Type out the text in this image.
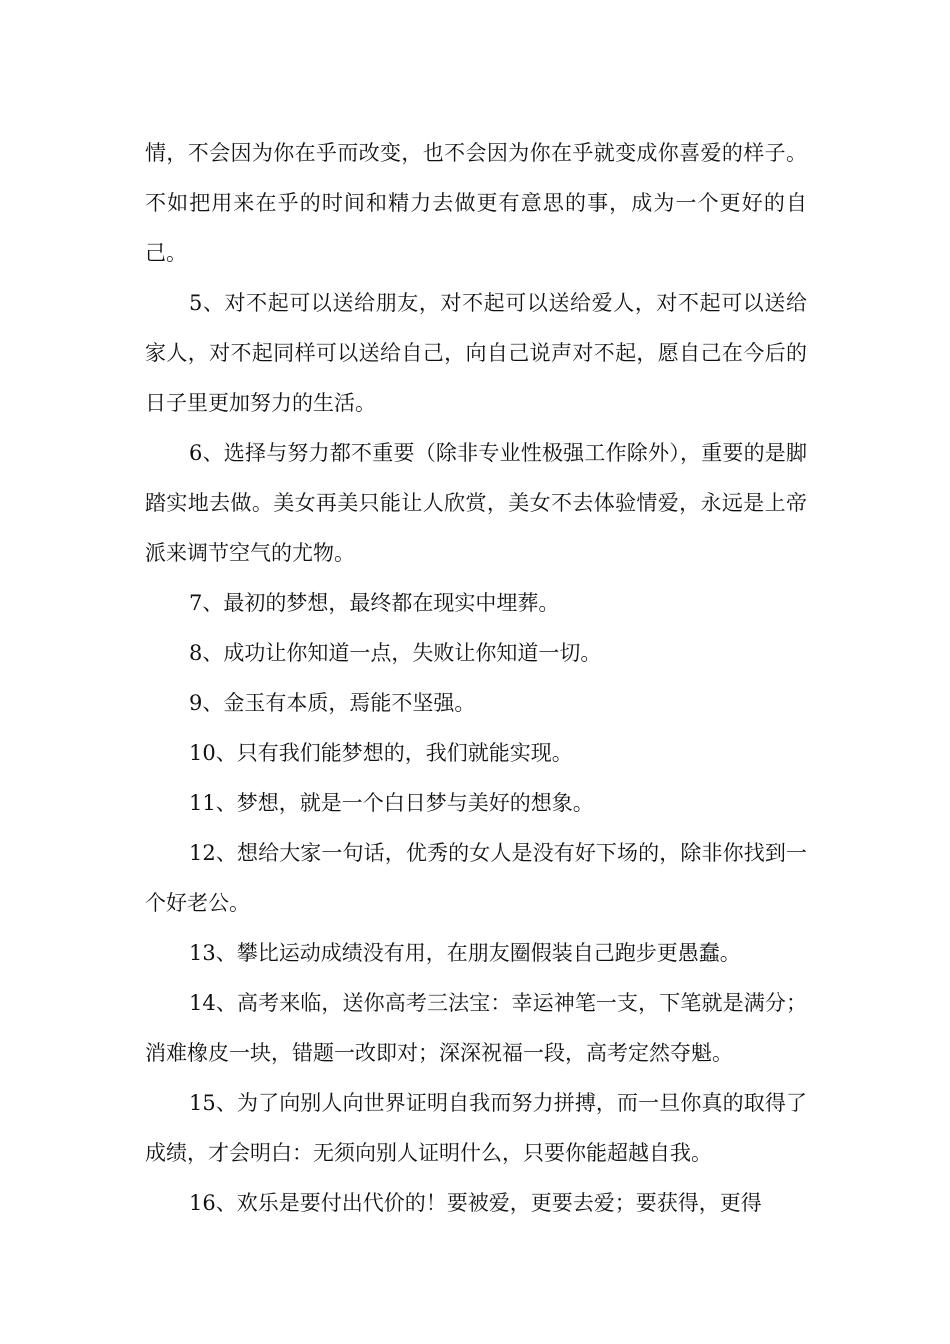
情，不会因为你在乎而改变，也不会因为你在乎就变成你喜爱的样子。不如把用来在乎的时间和精力去做更有意思的事，成为一个更好的自己。

5、对不起可以送给朋友，对不起可以送给爱人，对不起可以送给家人，对不起同样可以送给自己，向自己说声对不起，愿自己在今后的日子里更加努力的生活。

6、选择与努力都不重要（除非专业性极强工作除外），重要的是脚踏实地去做。美女再美只能让人欣赏，美女不去体验情爱，永远是上帝派来调节空气的尤物。

7、最初的梦想，最终都在现实中埋葬。

8、成功让你知道一点，失败让你知道一切。

9、金玉有本质，焉能不坚强。

10、只有我们能梦想的，我们就能实现。

11、梦想，就是一个白日梦与美好的想象。

12、想给大家一句话，优秀的女人是没有好下场的，除非你找到一个好老公。

13、攀比运动成绩没有用，在朋友圈假装自己跑步更愚蠢。

14、高考来临，送你高考三法宝：幸运神笔一支，下笔就是满分；消难橡皮一块，错题一改即对；深深祝福一段，高考定然夺魁。

15、为了向别人向世界证明自我而努力拼搏，而一旦你真的取得了成绩，才会明白：无须向别人证明什么，只要你能超越自我。

16、欢乐是要付出代价的！要被爱，更要去爱；要获得，更得
